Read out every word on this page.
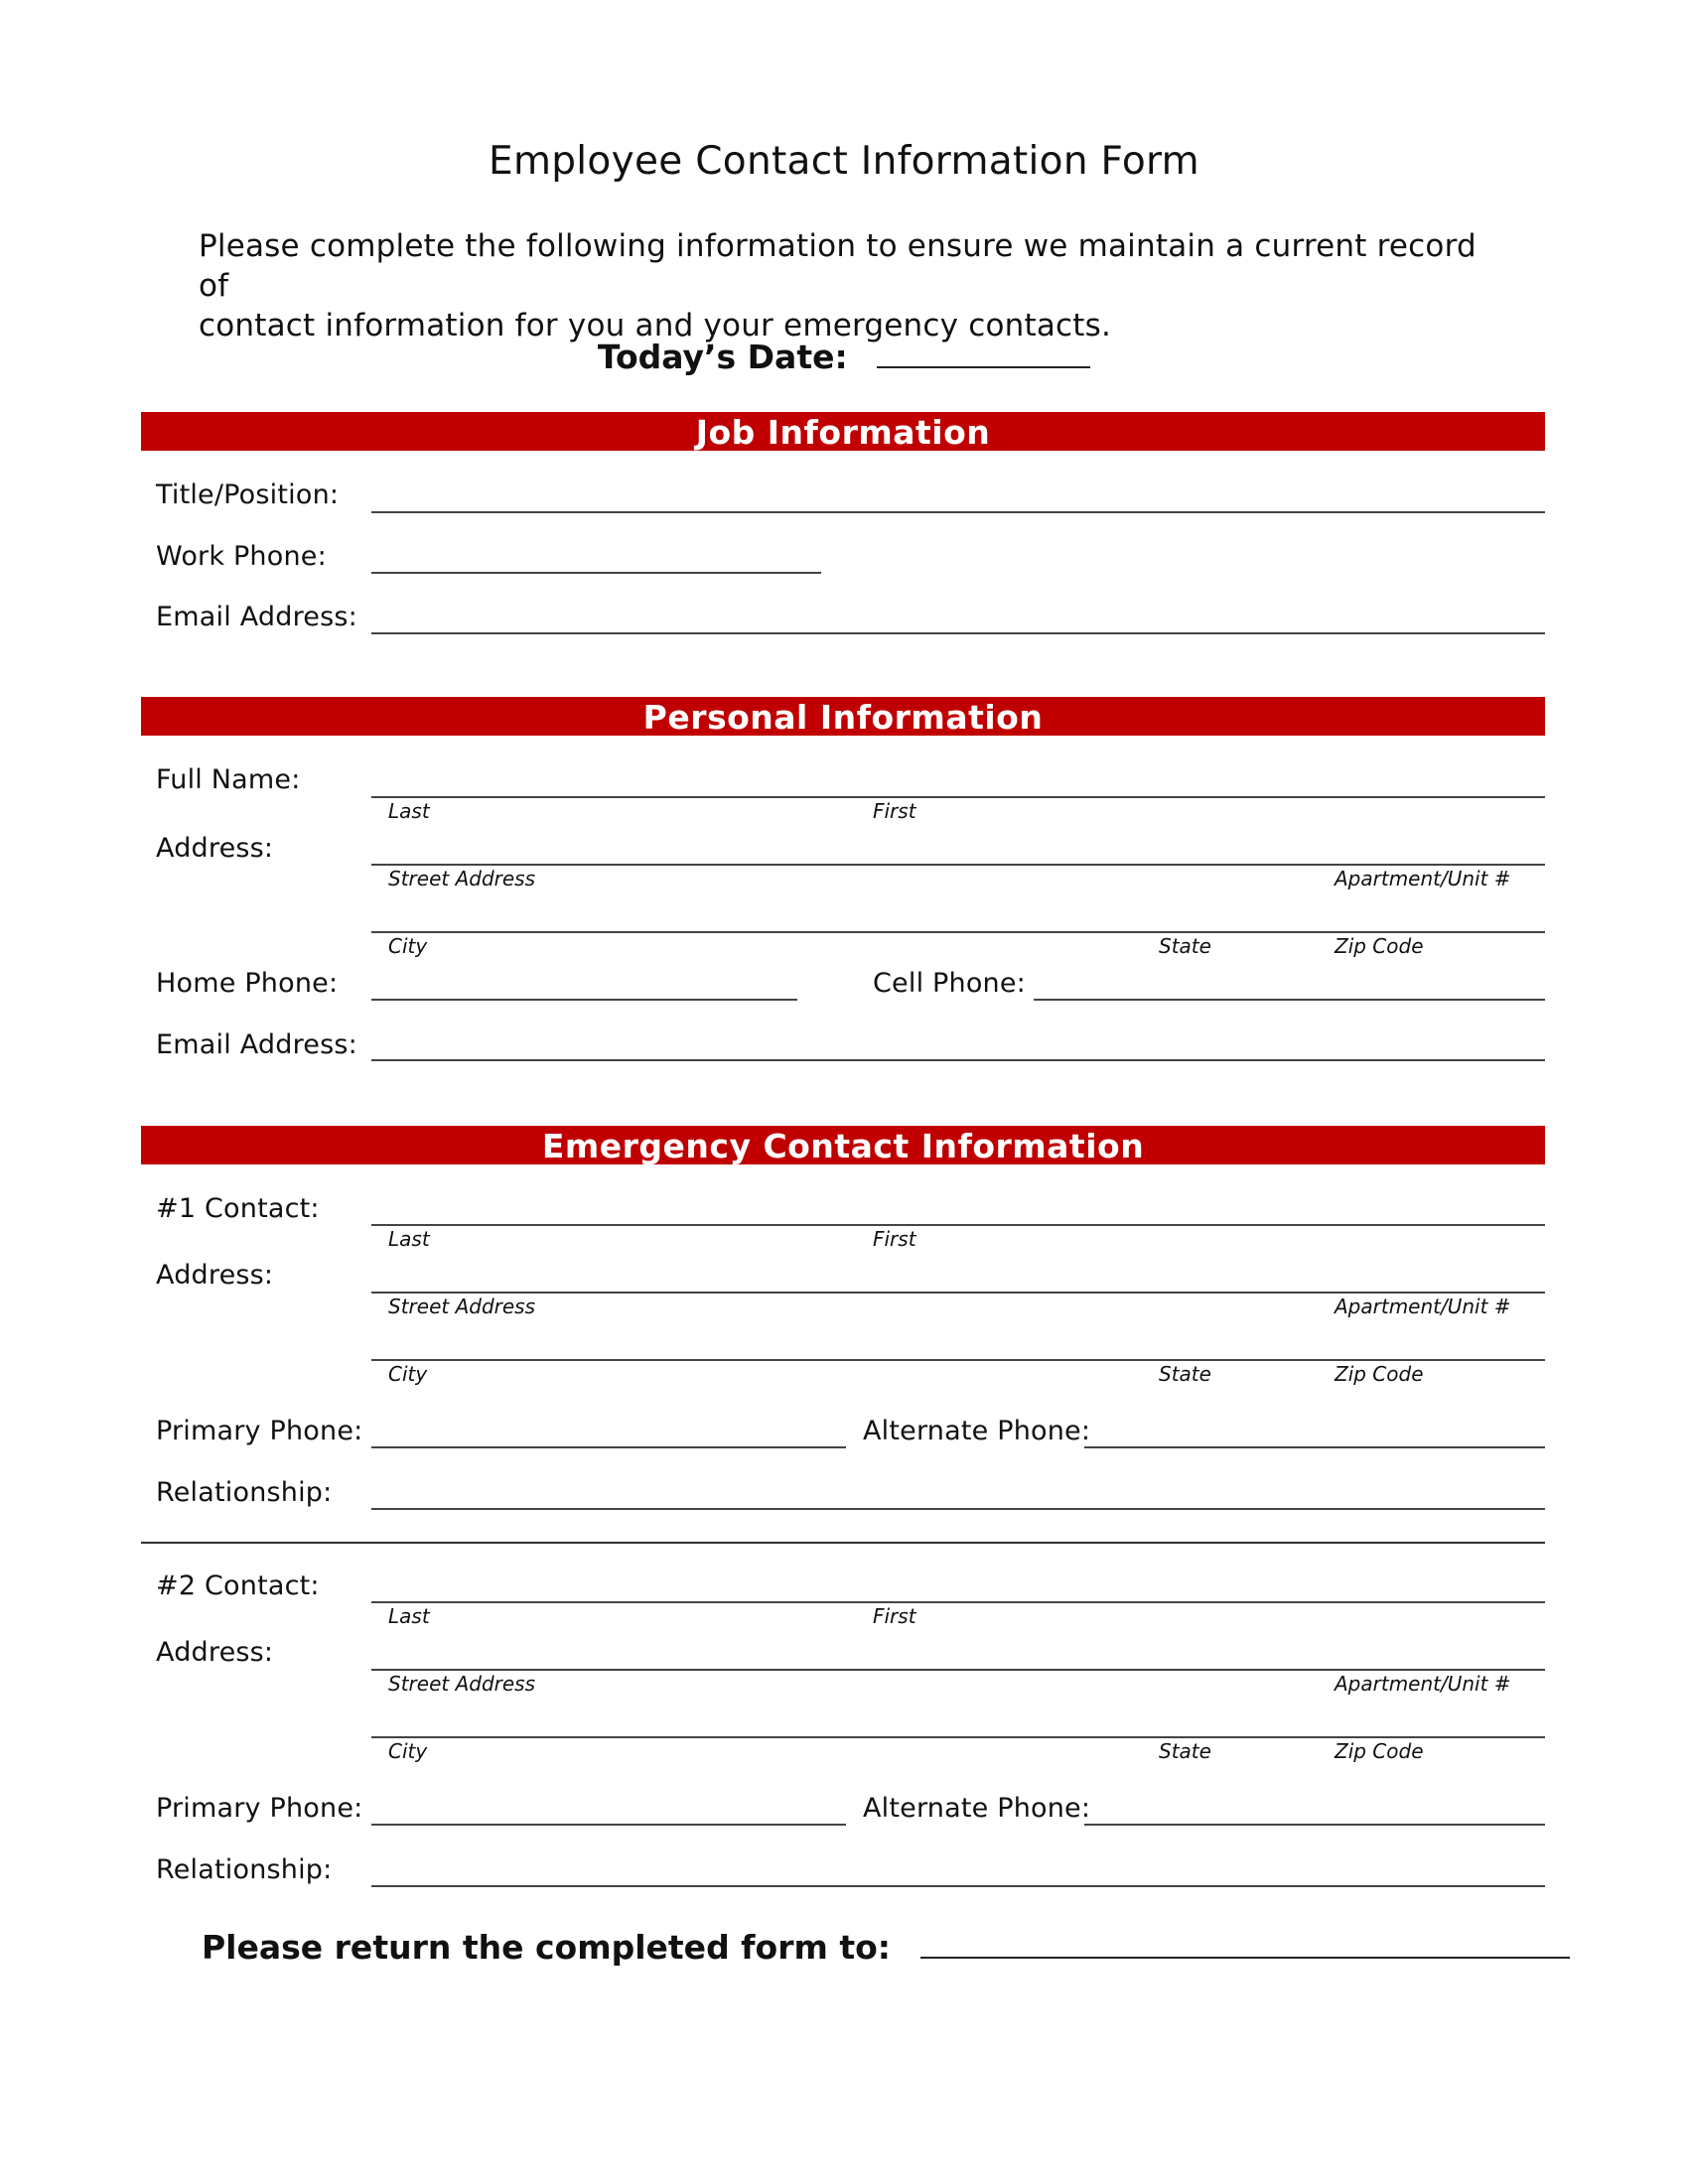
Employee Contact Information Form
Please complete the following information to ensure we maintain a current record of
contact information for you and your emergency contacts.
Today’s Date:
Job Information
Title/Position:
Work Phone:
Email Address:
Personal Information
Full Name:
Last	First
Address:
Street Address	Apartment/Unit #
City	State	Zip Code
Home Phone:	Cell Phone:
Email Address:
Emergency Contact Information
#1 Contact:
Last	First
Address:
Street Address	Apartment/Unit #
City	State	Zip Code
Primary Phone:	Alternate Phone:
Relationship:
#2 Contact:
Last	First
Address:
Street Address	Apartment/Unit #
City	State	Zip Code
Primary Phone:	Alternate Phone:
Relationship:
Please return the completed form to:
